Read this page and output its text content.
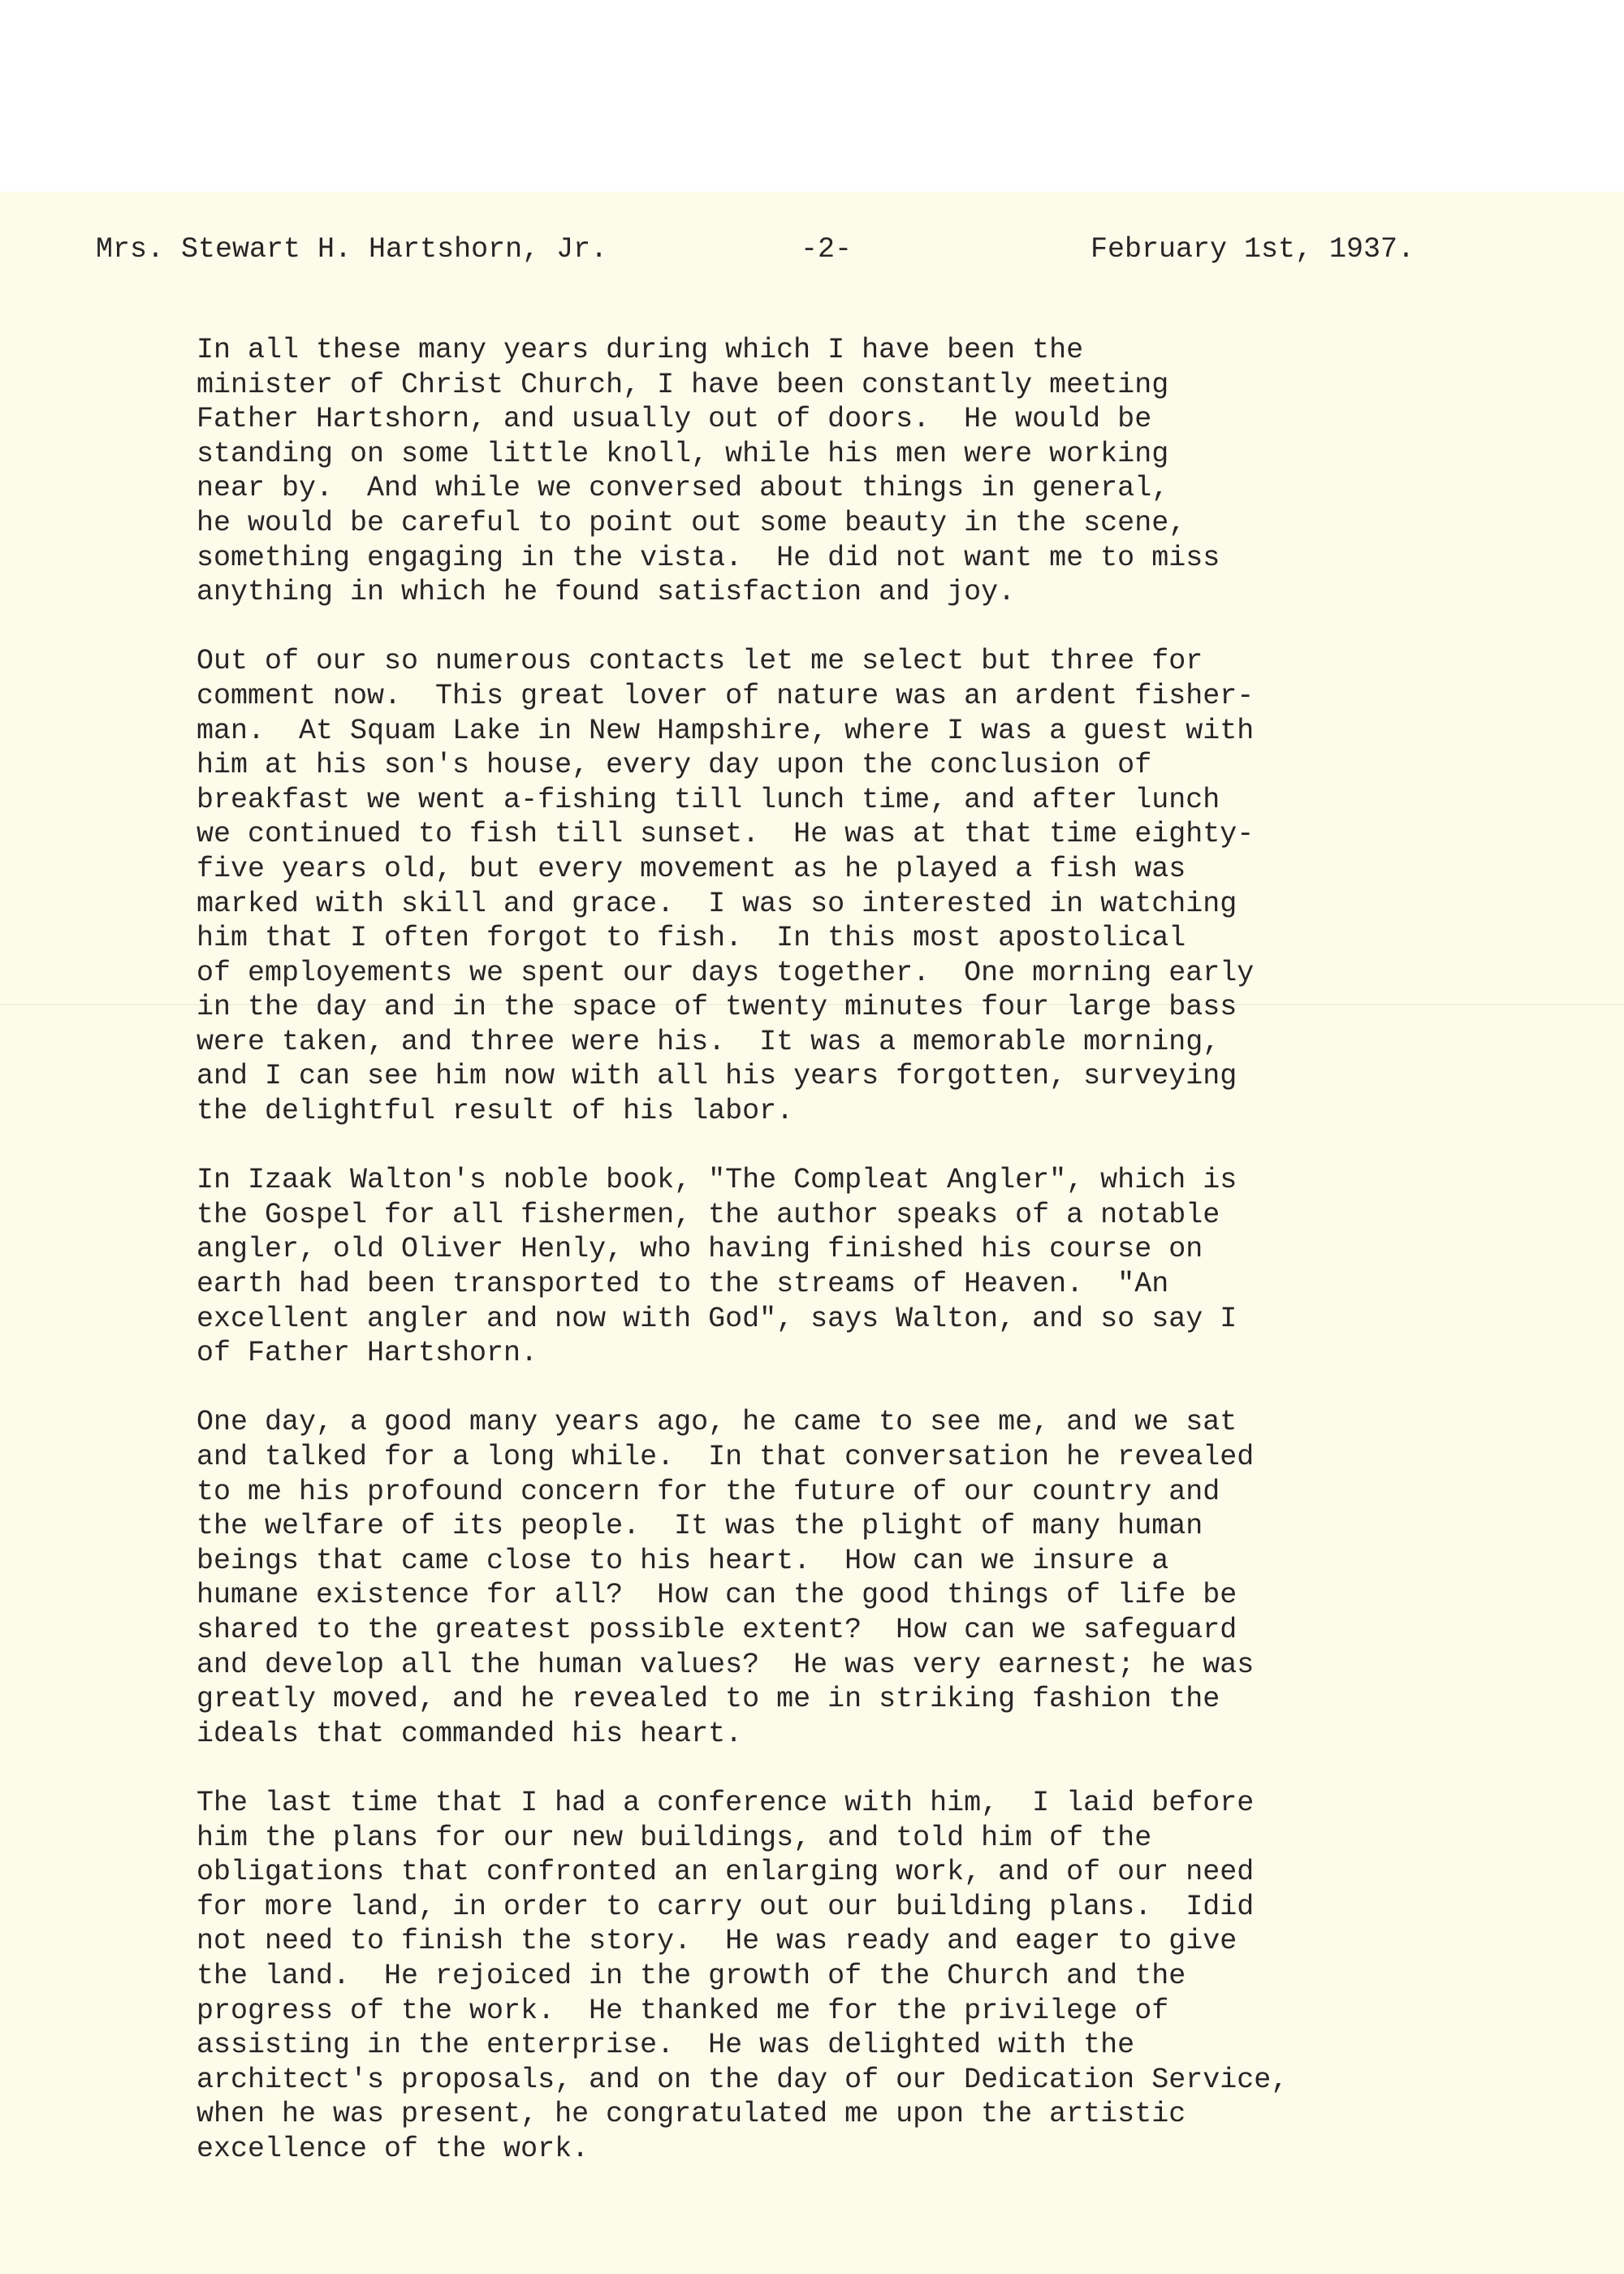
Mrs. Stewart H. Hartshorn, Jr.

	-2-

	February 1st, 1937.

In all these many years during which I have been the
minister of Christ Church, I have been constantly meeting
Father Hartshorn, and usually out of doors.  He would be
standing on some little knoll, while his men were working
near by.  And while we conversed about things in general,
he would be careful to point out some beauty in the scene,
something engaging in the vista.  He did not want me to miss
anything in which he found satisfaction and joy.
Out of our so numerous contacts let me select but three for
comment now.  This great lover of nature was an ardent fisher-
man.  At Squam Lake in New Hampshire, where I was a guest with
him at his son's house, every day upon the conclusion of
breakfast we went a-fishing till lunch time, and after lunch
we continued to fish till sunset.  He was at that time eighty-
five years old, but every movement as he played a fish was
marked with skill and grace.  I was so interested in watching
him that I often forgot to fish.  In this most apostolical
of employements we spent our days together.  One morning early
in the day and in the space of twenty minutes four large bass
were taken, and three were his.  It was a memorable morning,
and I can see him now with all his years forgotten, surveying
the delightful result of his labor.
In Izaak Walton's noble book, "The Compleat Angler", which is
the Gospel for all fishermen, the author speaks of a notable
angler, old Oliver Henly, who having finished his course on
earth had been transported to the streams of Heaven.  "An
excellent angler and now with God", says Walton, and so say I
of Father Hartshorn.
One day, a good many years ago, he came to see me, and we sat
and talked for a long while.  In that conversation he revealed
to me his profound concern for the future of our country and
the welfare of its people.  It was the plight of many human
beings that came close to his heart.  How can we insure a
humane existence for all?  How can the good things of life be
shared to the greatest possible extent?  How can we safeguard
and develop all the human values?  He was very earnest; he was
greatly moved, and he revealed to me in striking fashion the
ideals that commanded his heart.
The last time that I had a conference with him,  I laid before
him the plans for our new buildings, and told him of the
obligations that confronted an enlarging work, and of our need
for more land, in order to carry out our building plans.  Idid
not need to finish the story.  He was ready and eager to give
the land.  He rejoiced in the growth of the Church and the
progress of the work.  He thanked me for the privilege of
assisting in the enterprise.  He was delighted with the
architect's proposals, and on the day of our Dedication Service,
when he was present, he congratulated me upon the artistic
excellence of the work.
